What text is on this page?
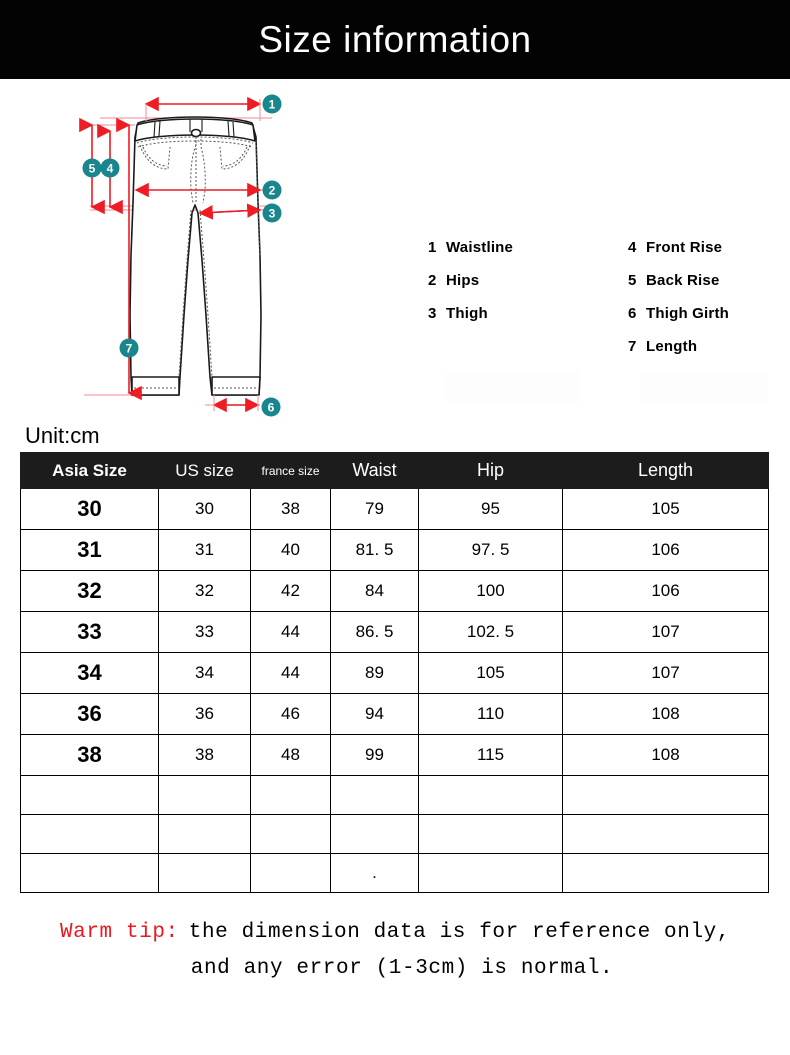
Size information
1
2
3
4
5
6
7
1 Waistline
2 Hips
3 Thigh
4 Front Rise
5 Back Rise
6 Thigh Girth
7 Length
Unit:cm
Asia Size	US size	france size	Waist	Hip	Length
30	30	38	79	95	105
31	31	40	81. 5	97. 5	106
32	32	42	84	100	106
33	33	44	86. 5	102. 5	107
34	34	44	89	105	107
36	36	46	94	110	108
38	38	48	99	115	108

			.		
Warm tip: the dimension data is for reference only,
and any error (1-3cm) is normal.
